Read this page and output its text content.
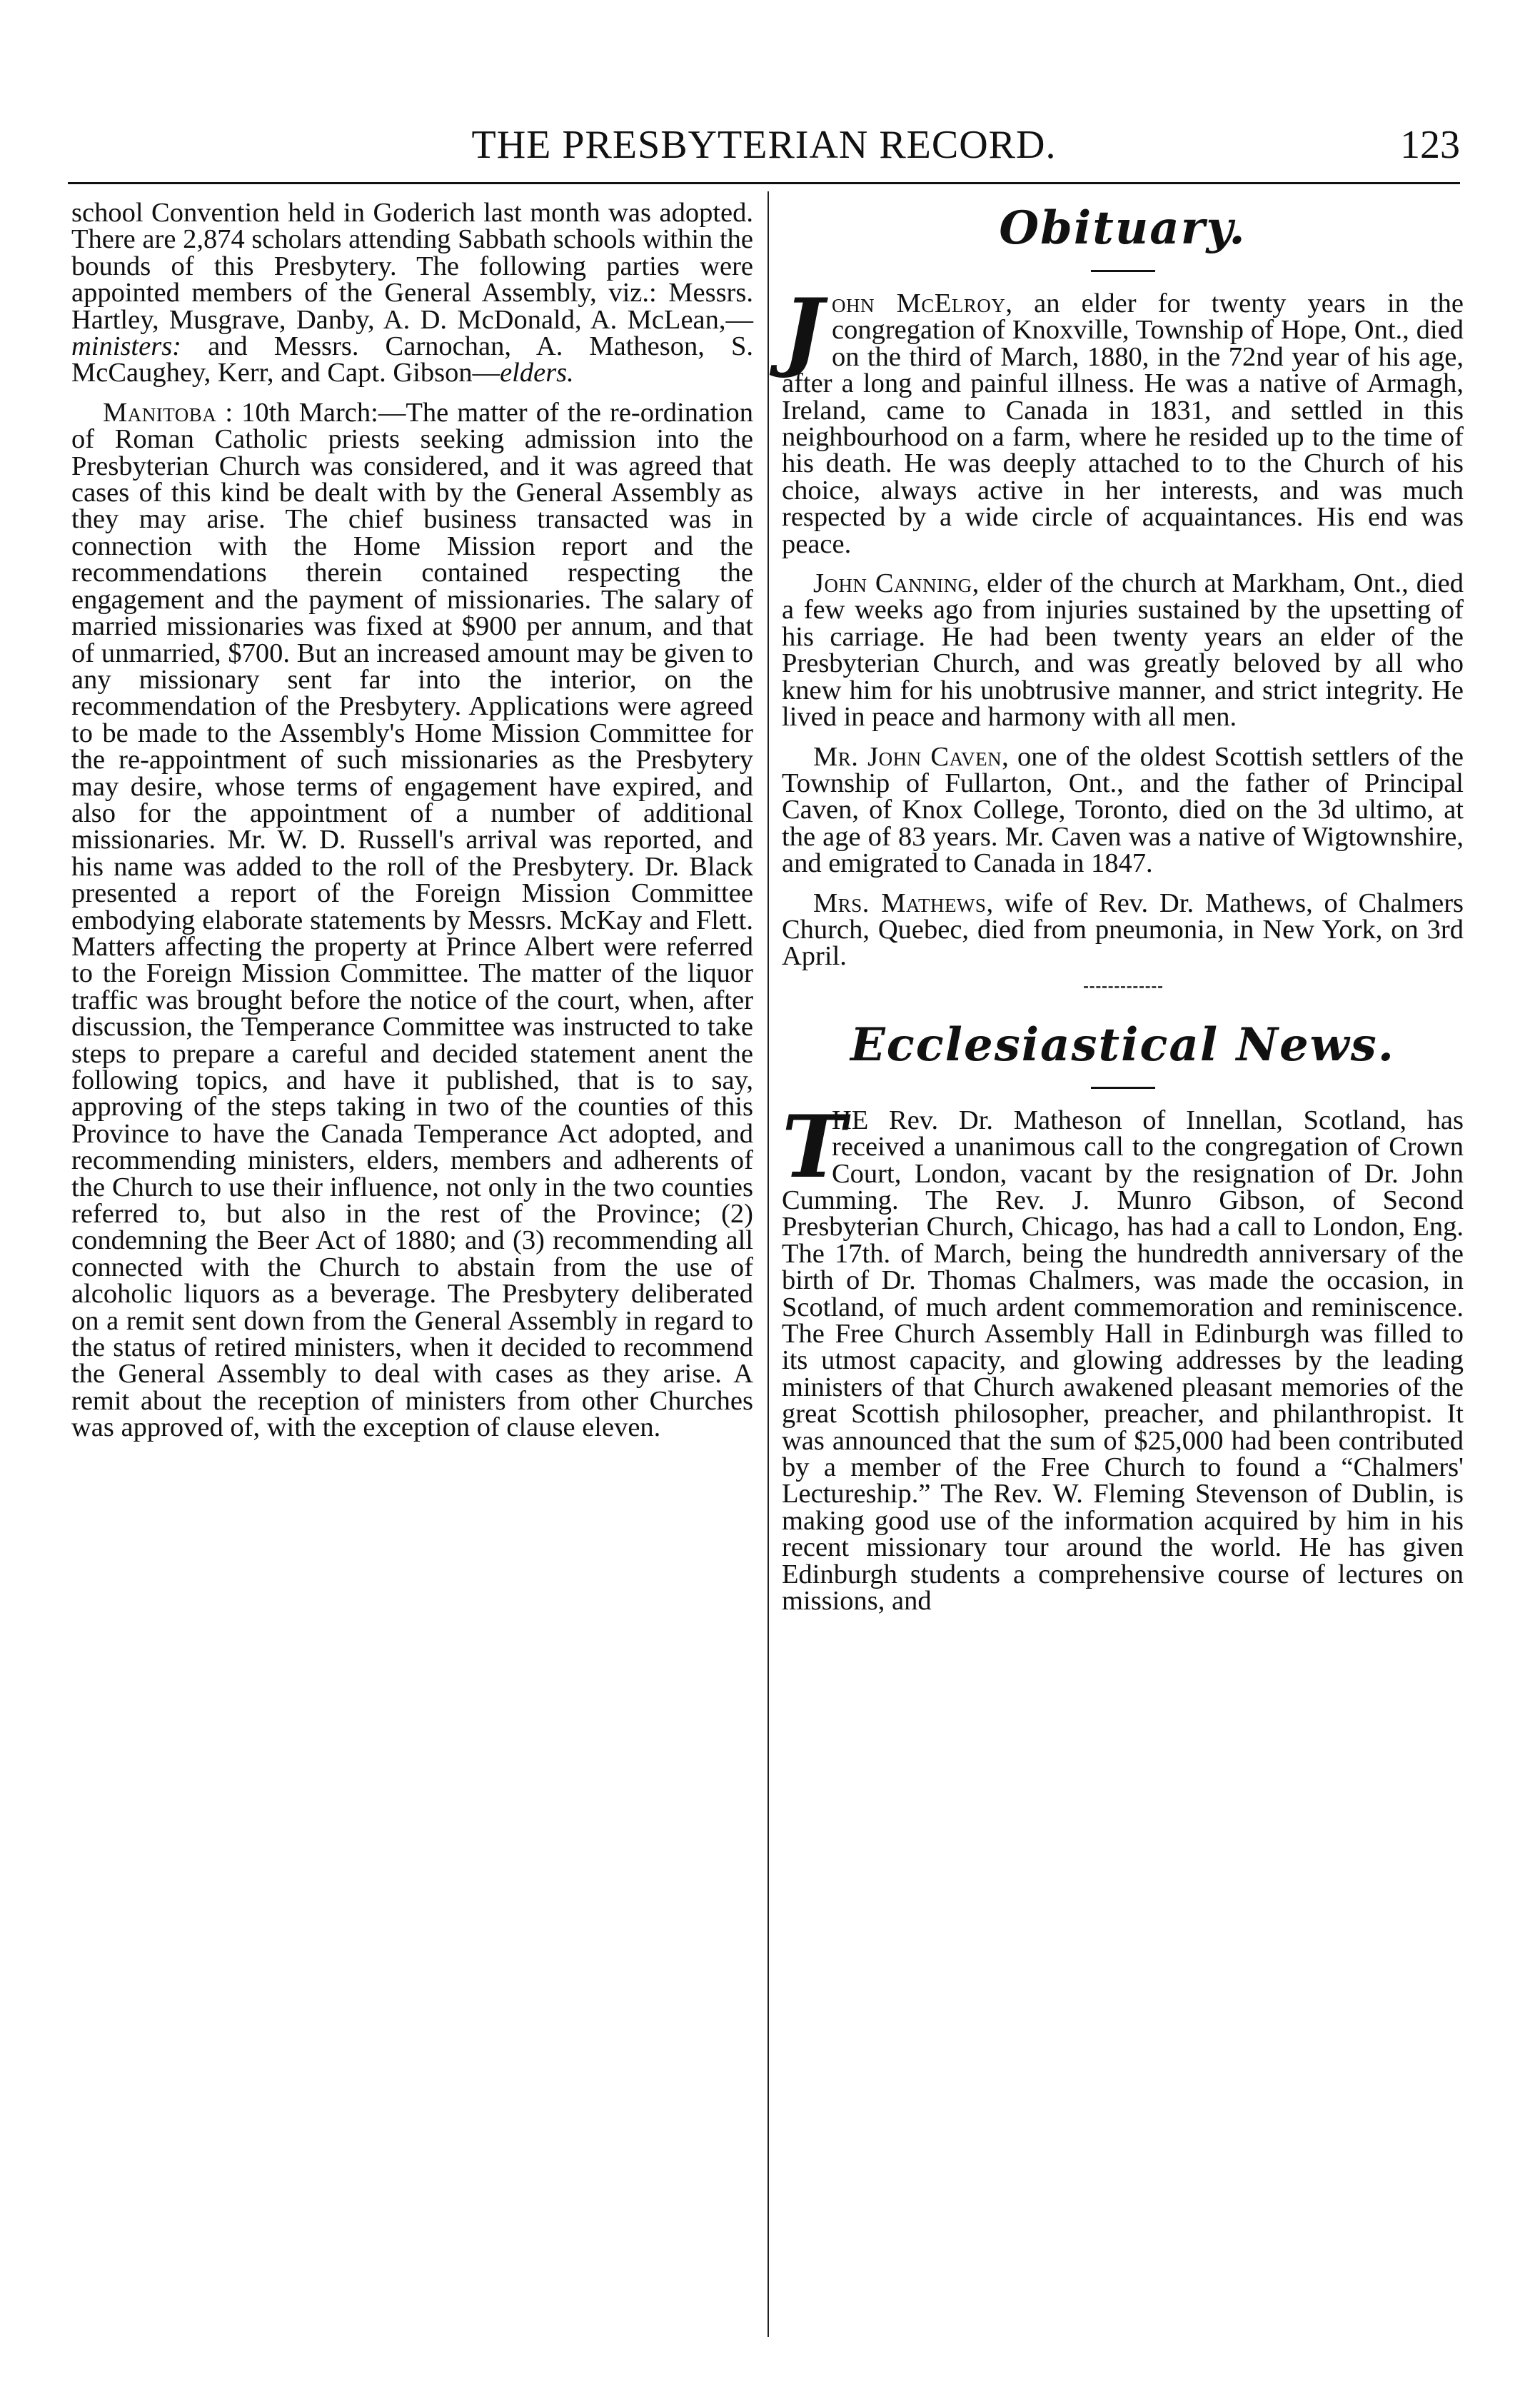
THE PRESBYTERIAN RECORD.	123

school Convention held in Goderich last month was adopted. There are 2,874 scholars attending Sabbath schools within the bounds of this Presbytery. The following parties were appointed members of the General Assembly, viz.: Messrs. Hartley, Musgrave, Danby, A. D. McDonald, A. McLean,—ministers: and Messrs. Carnochan, A. Matheson, S. McCaughey, Kerr, and Capt. Gibson—elders.

Manitoba : 10th March:—The matter of the re-ordination of Roman Catholic priests seeking admission into the Presbyterian Church was considered, and it was agreed that cases of this kind be dealt with by the General Assembly as they may arise. The chief business transacted was in connection with the Home Mission report and the recommendations therein contained respecting the engagement and the payment of missionaries. The salary of married missionaries was fixed at $900 per annum, and that of unmarried, $700. But an increased amount may be given to any missionary sent far into the interior, on the recommendation of the Presbytery. Applications were agreed to be made to the Assembly's Home Mission Committee for the re-appointment of such missionaries as the Presbytery may desire, whose terms of engagement have expired, and also for the appointment of a number of additional missionaries. Mr. W. D. Russell's arrival was reported, and his name was added to the roll of the Presbytery. Dr. Black presented a report of the Foreign Mission Committee embodying elaborate statements by Messrs. McKay and Flett. Matters affecting the property at Prince Albert were referred to the Foreign Mission Committee. The matter of the liquor traffic was brought before the notice of the court, when, after discussion, the Temperance Committee was instructed to take steps to prepare a careful and decided statement anent the following topics, and have it published, that is to say, approving of the steps taking in two of the counties of this Province to have the Canada Temperance Act adopted, and recommending ministers, elders, members and adherents of the Church to use their influence, not only in the two counties referred to, but also in the rest of the Province; (2) condemning the Beer Act of 1880; and (3) recommending all connected with the Church to abstain from the use of alcoholic liquors as a beverage. The Presbytery deliberated on a remit sent down from the General Assembly in regard to the status of retired ministers, when it decided to recommend the General Assembly to deal with cases as they arise. A remit about the reception of ministers from other Churches was approved of, with the exception of clause eleven.

Obituary.

John McElroy, an elder for twenty years in the congregation of Knoxville, Township of Hope, Ont., died on the third of March, 1880, in the 72nd year of his age, after a long and painful illness. He was a native of Armagh, Ireland, came to Canada in 1831, and settled in this neighbourhood on a farm, where he resided up to the time of his death. He was deeply attached to to the Church of his choice, always active in her interests, and was much respected by a wide circle of acquaintances. His end was peace.

John Canning, elder of the church at Markham, Ont., died a few weeks ago from injuries sustained by the upsetting of his carriage. He had been twenty years an elder of the Presbyterian Church, and was greatly beloved by all who knew him for his unobtrusive manner, and strict integrity. He lived in peace and harmony with all men.

Mr. John Caven, one of the oldest Scottish settlers of the Township of Fullarton, Ont., and the father of Principal Caven, of Knox College, Toronto, died on the 3d ultimo, at the age of 83 years. Mr. Caven was a native of Wigtownshire, and emigrated to Canada in 1847.

Mrs. Mathews, wife of Rev. Dr. Mathews, of Chalmers Church, Quebec, died from pneumonia, in New York, on 3rd April.

Ecclesiastical News.

T
HE Rev. Dr. Matheson of Innellan, Scotland, has received a unanimous call to the congregation of Crown Court, London, vacant by the resignation of Dr. John Cumming. The Rev. J. Munro Gibson, of Second Presbyterian Church, Chicago, has had a call to London, Eng. The 17th. of March, being the hundredth anniversary of the birth of Dr. Thomas Chalmers, was made the occasion, in Scotland, of much ardent commemoration and reminiscence. The Free Church Assembly Hall in Edinburgh was filled to its utmost capacity, and glowing addresses by the leading ministers of that Church awakened pleasant memories of the great Scottish philosopher, preacher, and philanthropist. It was announced that the sum of $25,000 had been contributed by a member of the Free Church to found a “Chalmers' Lectureship.” The Rev. W. Fleming Stevenson of Dublin, is making good use of the information acquired by him in his recent missionary tour around the world. He has given Edinburgh students a comprehensive course of lectures on missions, and
